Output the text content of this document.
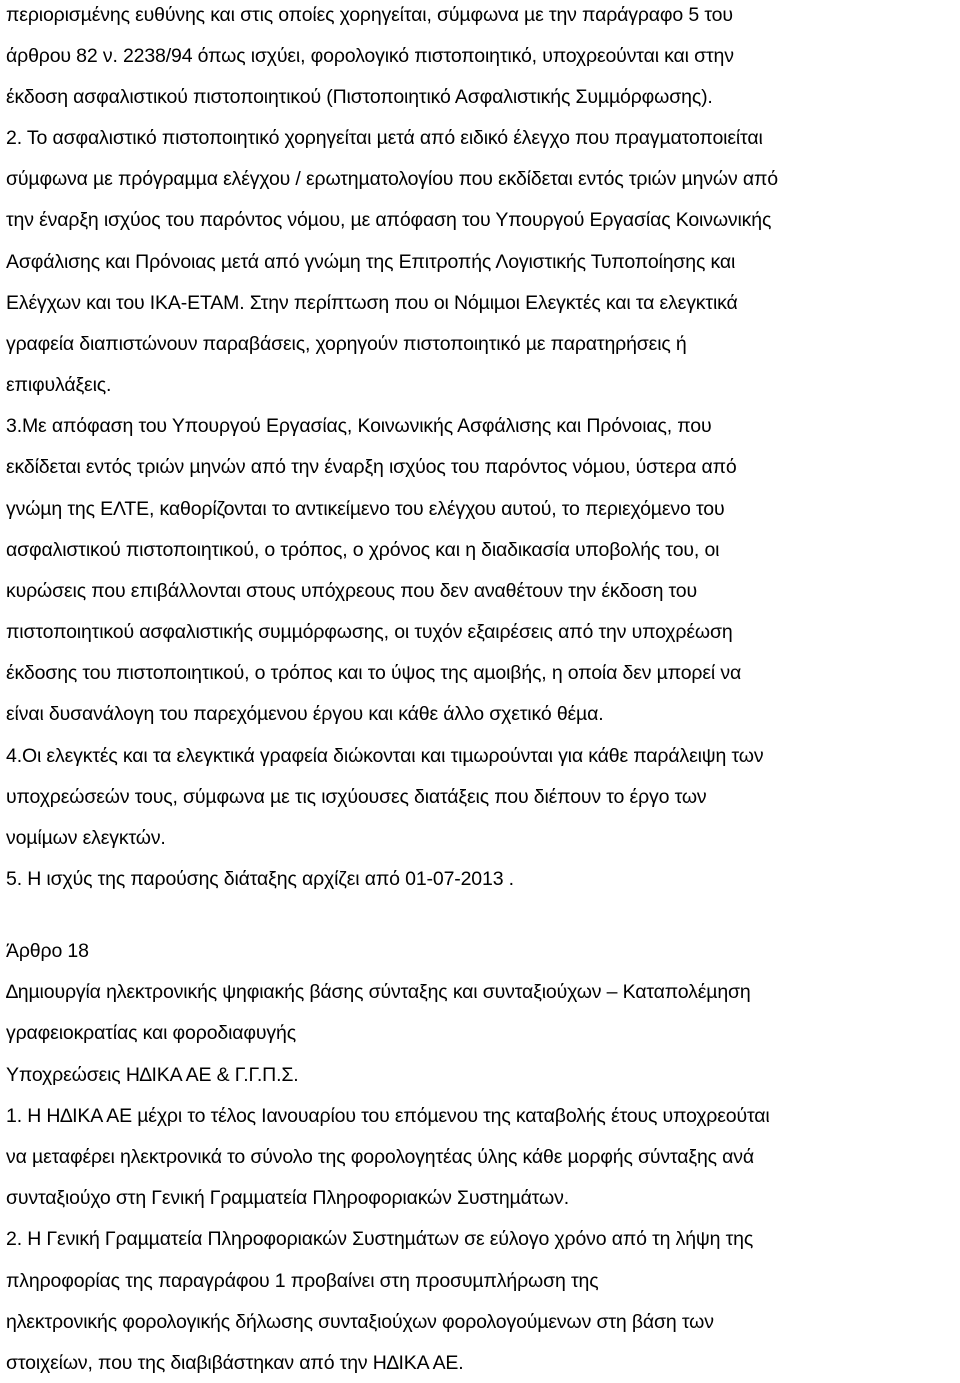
περιορισµένης ευθύνης και στις οποίες χορηγείται, σύµφωνα µε την παράγραφο 5 του
άρθρου 82 ν. 2238/94 όπως ισχύει, φορολογικό πιστοποιητικό, υποχρεούνται και στην
έκδοση ασφαλιστικού πιστοποιητικού (Πιστοποιητικό Ασφαλιστικής Συµµόρφωσης).
2. Το ασφαλιστικό πιστοποιητικό χορηγείται µετά από ειδικό έλεγχο που πραγµατοποιείται
σύµφωνα µε πρόγραµµα ελέγχου / ερωτηµατολογίου που εκδίδεται εντός τριών µηνών από
την έναρξη ισχύος του παρόντος νόµου, µε απόφαση του Υπουργού Εργασίας Κοινωνικής
Ασφάλισης και Πρόνοιας µετά από γνώµη της Επιτροπής Λογιστικής Τυποποίησης και
Ελέγχων και του ΙΚΑ-ΕΤΑΜ. Στην περίπτωση που οι Νόµιµοι Ελεγκτές και τα ελεγκτικά
γραφεία διαπιστώνουν παραβάσεις, χορηγούν πιστοποιητικό µε παρατηρήσεις ή
επιφυλάξεις.
3.Με απόφαση του Υπουργού Εργασίας, Κοινωνικής Ασφάλισης και Πρόνοιας, που
εκδίδεται εντός τριών µηνών από την έναρξη ισχύος του παρόντος νόµου, ύστερα από
γνώµη της ΕΛΤΕ, καθορίζονται το αντικείµενο του ελέγχου αυτού, το περιεχόµενο του
ασφαλιστικού πιστοποιητικού, ο τρόπος, ο χρόνος και η διαδικασία υποβολής του, οι
κυρώσεις που επιβάλλονται στους υπόχρεους που δεν αναθέτουν την έκδοση του
πιστοποιητικού ασφαλιστικής συµµόρφωσης, οι τυχόν εξαιρέσεις από την υποχρέωση
έκδοσης του πιστοποιητικού, ο τρόπος και το ύψος της αµοιβής, η οποία δεν µπορεί να
είναι δυσανάλογη του παρεχόµενου έργου και κάθε άλλο σχετικό θέµα.
4.Οι ελεγκτές και τα ελεγκτικά γραφεία διώκονται και τιµωρούνται για κάθε παράλειψη των
υποχρεώσεών τους, σύµφωνα µε τις ισχύουσες διατάξεις που διέπουν το έργο των
νοµίµων ελεγκτών.
5. Η ισχύς της παρούσης διάταξης αρχίζει από 01-07-2013 .
Άρθρο 18
∆ηµιουργία ηλεκτρονικής ψηφιακής βάσης σύνταξης και συνταξιούχων – Καταπολέµηση
γραφειοκρατίας και φοροδιαφυγής
Υποχρεώσεις Η∆ΙΚΑ ΑΕ & Γ.Γ.Π.Σ.
1. Η Η∆ΙΚΑ ΑΕ µέχρι το τέλος Ιανουαρίου του επόµενου της καταβολής έτους υποχρεούται
να µεταφέρει ηλεκτρονικά το σύνολο της φορολογητέας ύλης κάθε µορφής σύνταξης ανά
συνταξιούχο στη Γενική Γραµµατεία Πληροφοριακών Συστηµάτων.
2. Η Γενική Γραµµατεία Πληροφοριακών Συστηµάτων σε εύλογο χρόνο από τη λήψη της
πληροφορίας της παραγράφου 1 προβαίνει στη προσυµπλήρωση της
ηλεκτρονικής φορολογικής δήλωσης συνταξιούχων φορολογούµενων στη βάση των
στοιχείων, που της διαβιβάστηκαν από την Η∆ΙΚΑ ΑΕ.
